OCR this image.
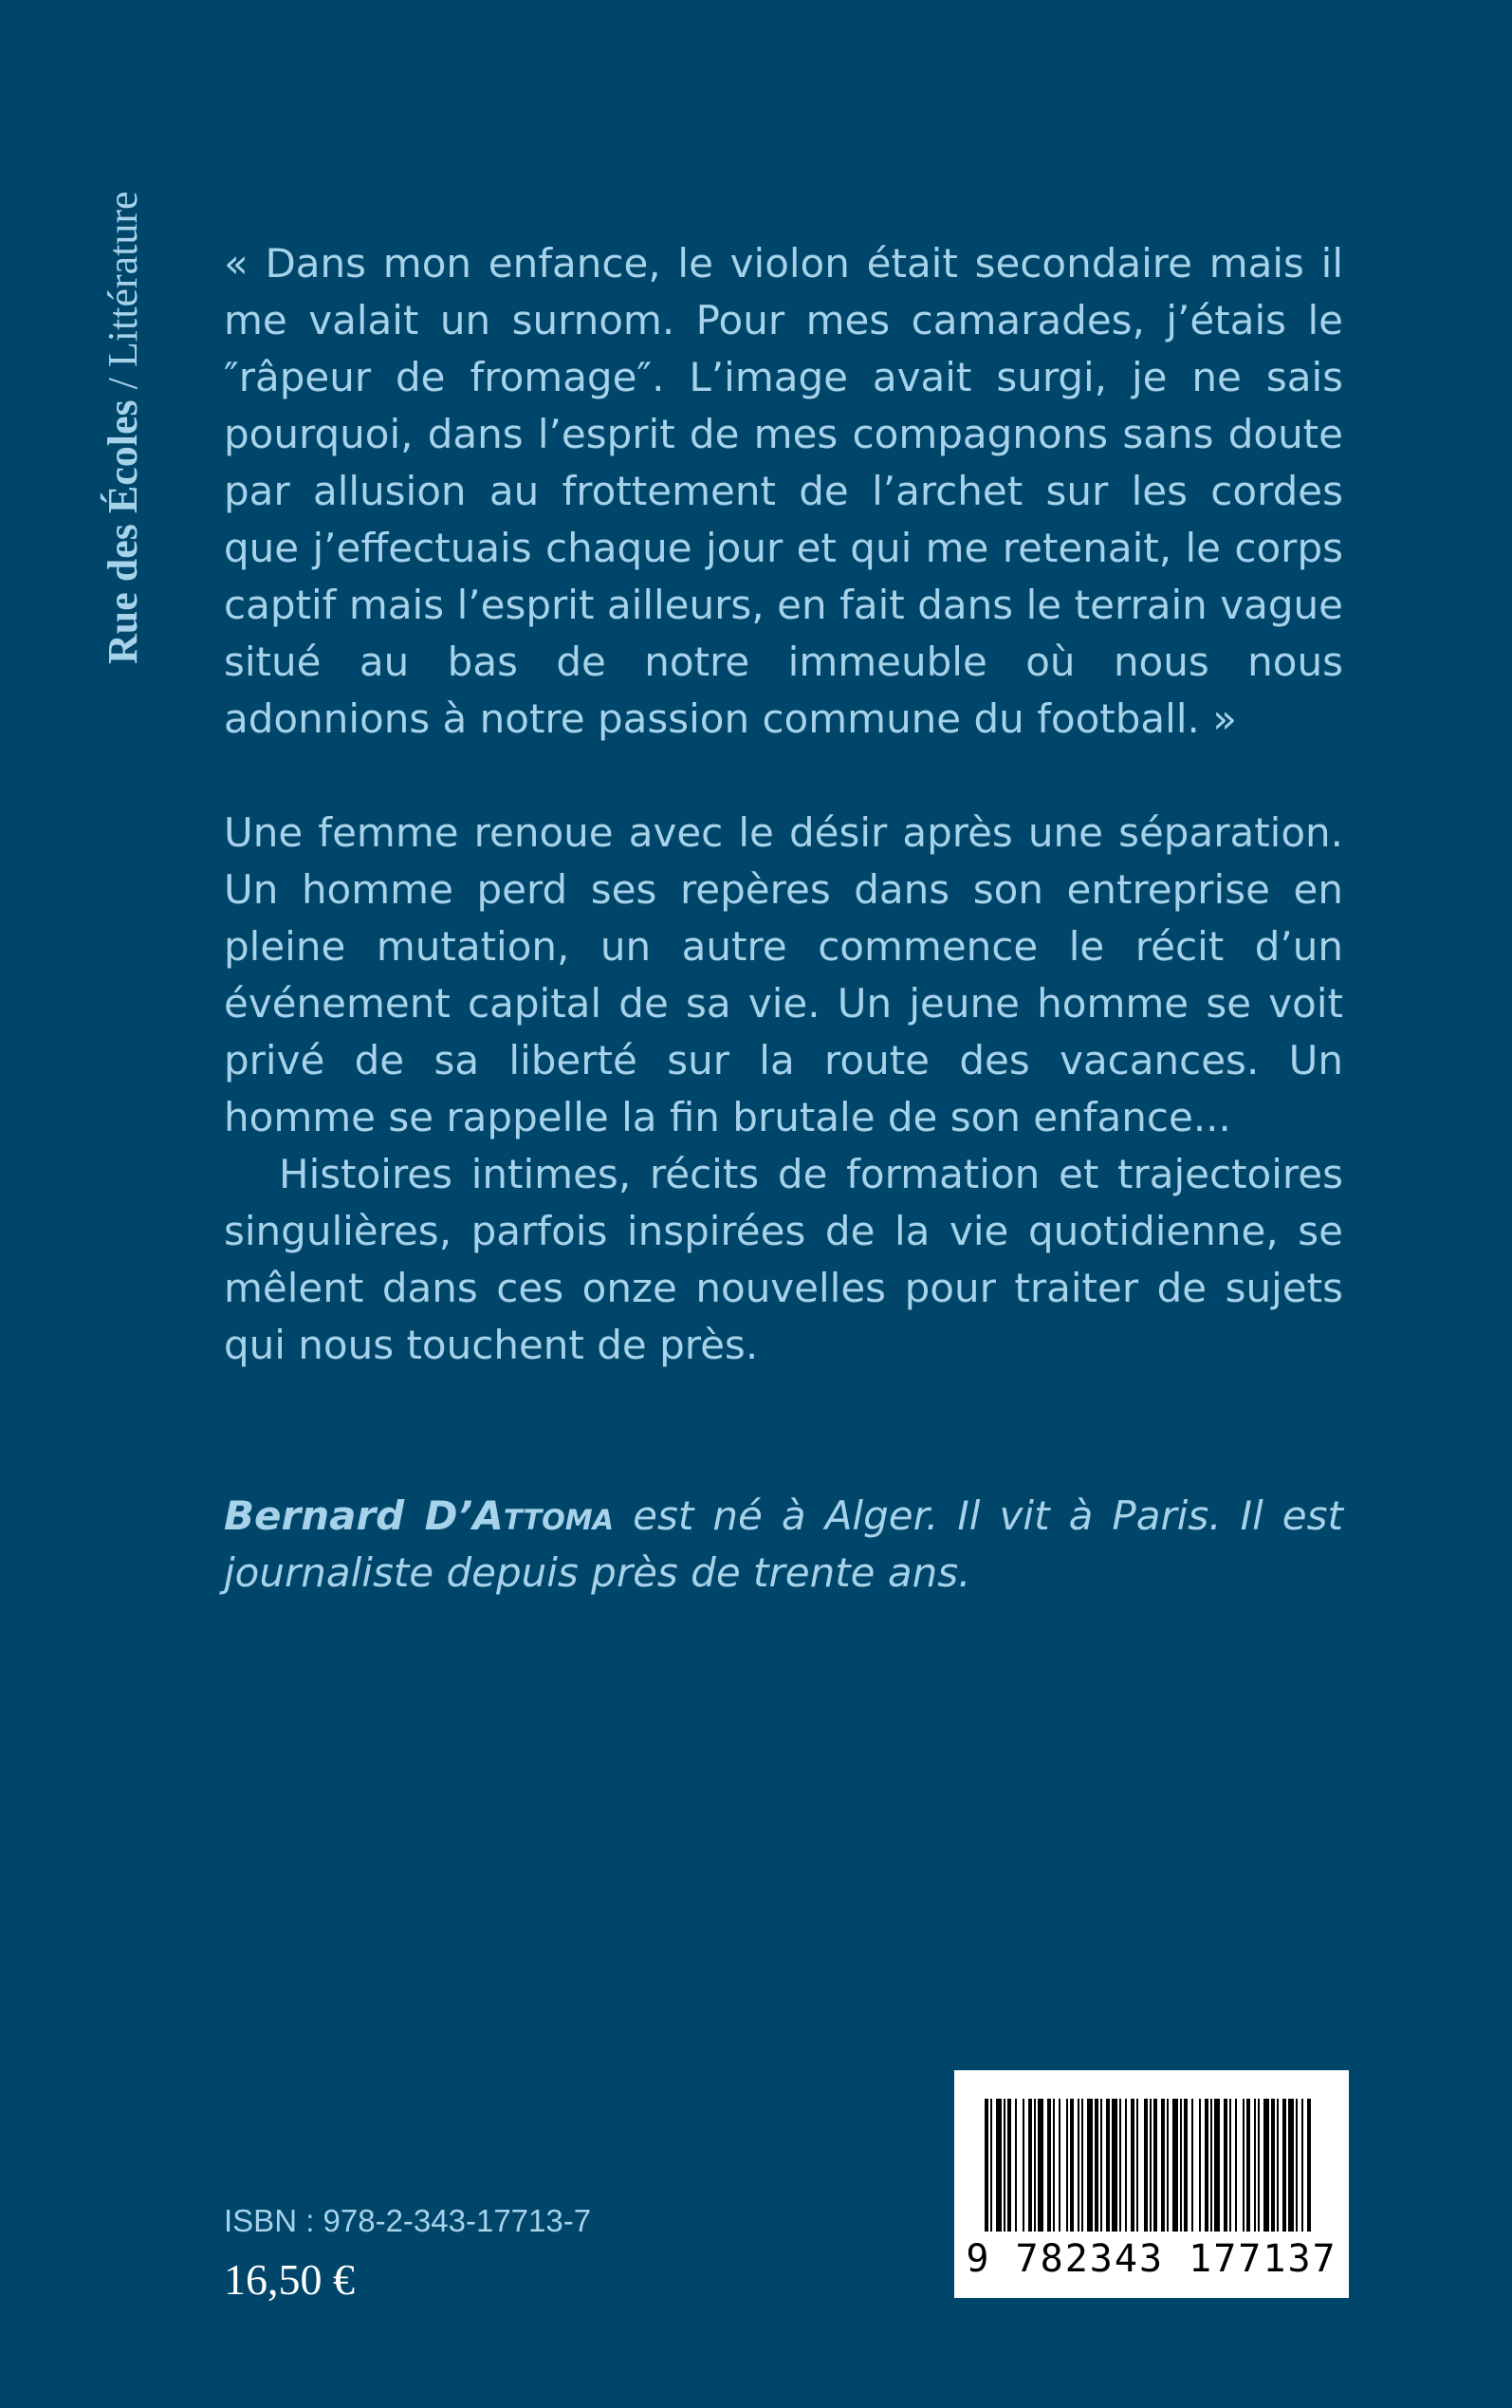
Rue des Écoles / Littérature « Dans mon enfance, le violon était secondaire mais il me valait un surnom. Pour mes camarades, j’étais le ″râpeur de fromage″. L’image avait surgi, je ne sais pourquoi, dans l’esprit de mes compagnons sans doute par allusion au frottement de l’archet sur les cordes que j’effectuais chaque jour et qui me retenait, le corps captif mais l’esprit ailleurs, en fait dans le terrain vague situé au bas de notre immeuble où nous nous adonnions à notre passion commune du football. »

Une femme renoue avec le désir après une séparation. Un homme perd ses repères dans son entreprise en pleine mutation, un autre commence le récit d’un événement capital de sa vie. Un jeune homme se voit privé de sa liberté sur la route des vacances. Un homme se rappelle la fin brutale de son enfance...

Histoires intimes, récits de formation et trajectoires singulières, parfois inspirées de la vie quotidienne, se mêlent dans ces onze nouvelles pour traiter de sujets qui nous touchent de près.

Bernard D’Attoma est né à Alger. Il vit à Paris. Il est journaliste depuis près de trente ans.

ISBN : 978-2-343-17713-7
16,50 €	9 782343 177137
